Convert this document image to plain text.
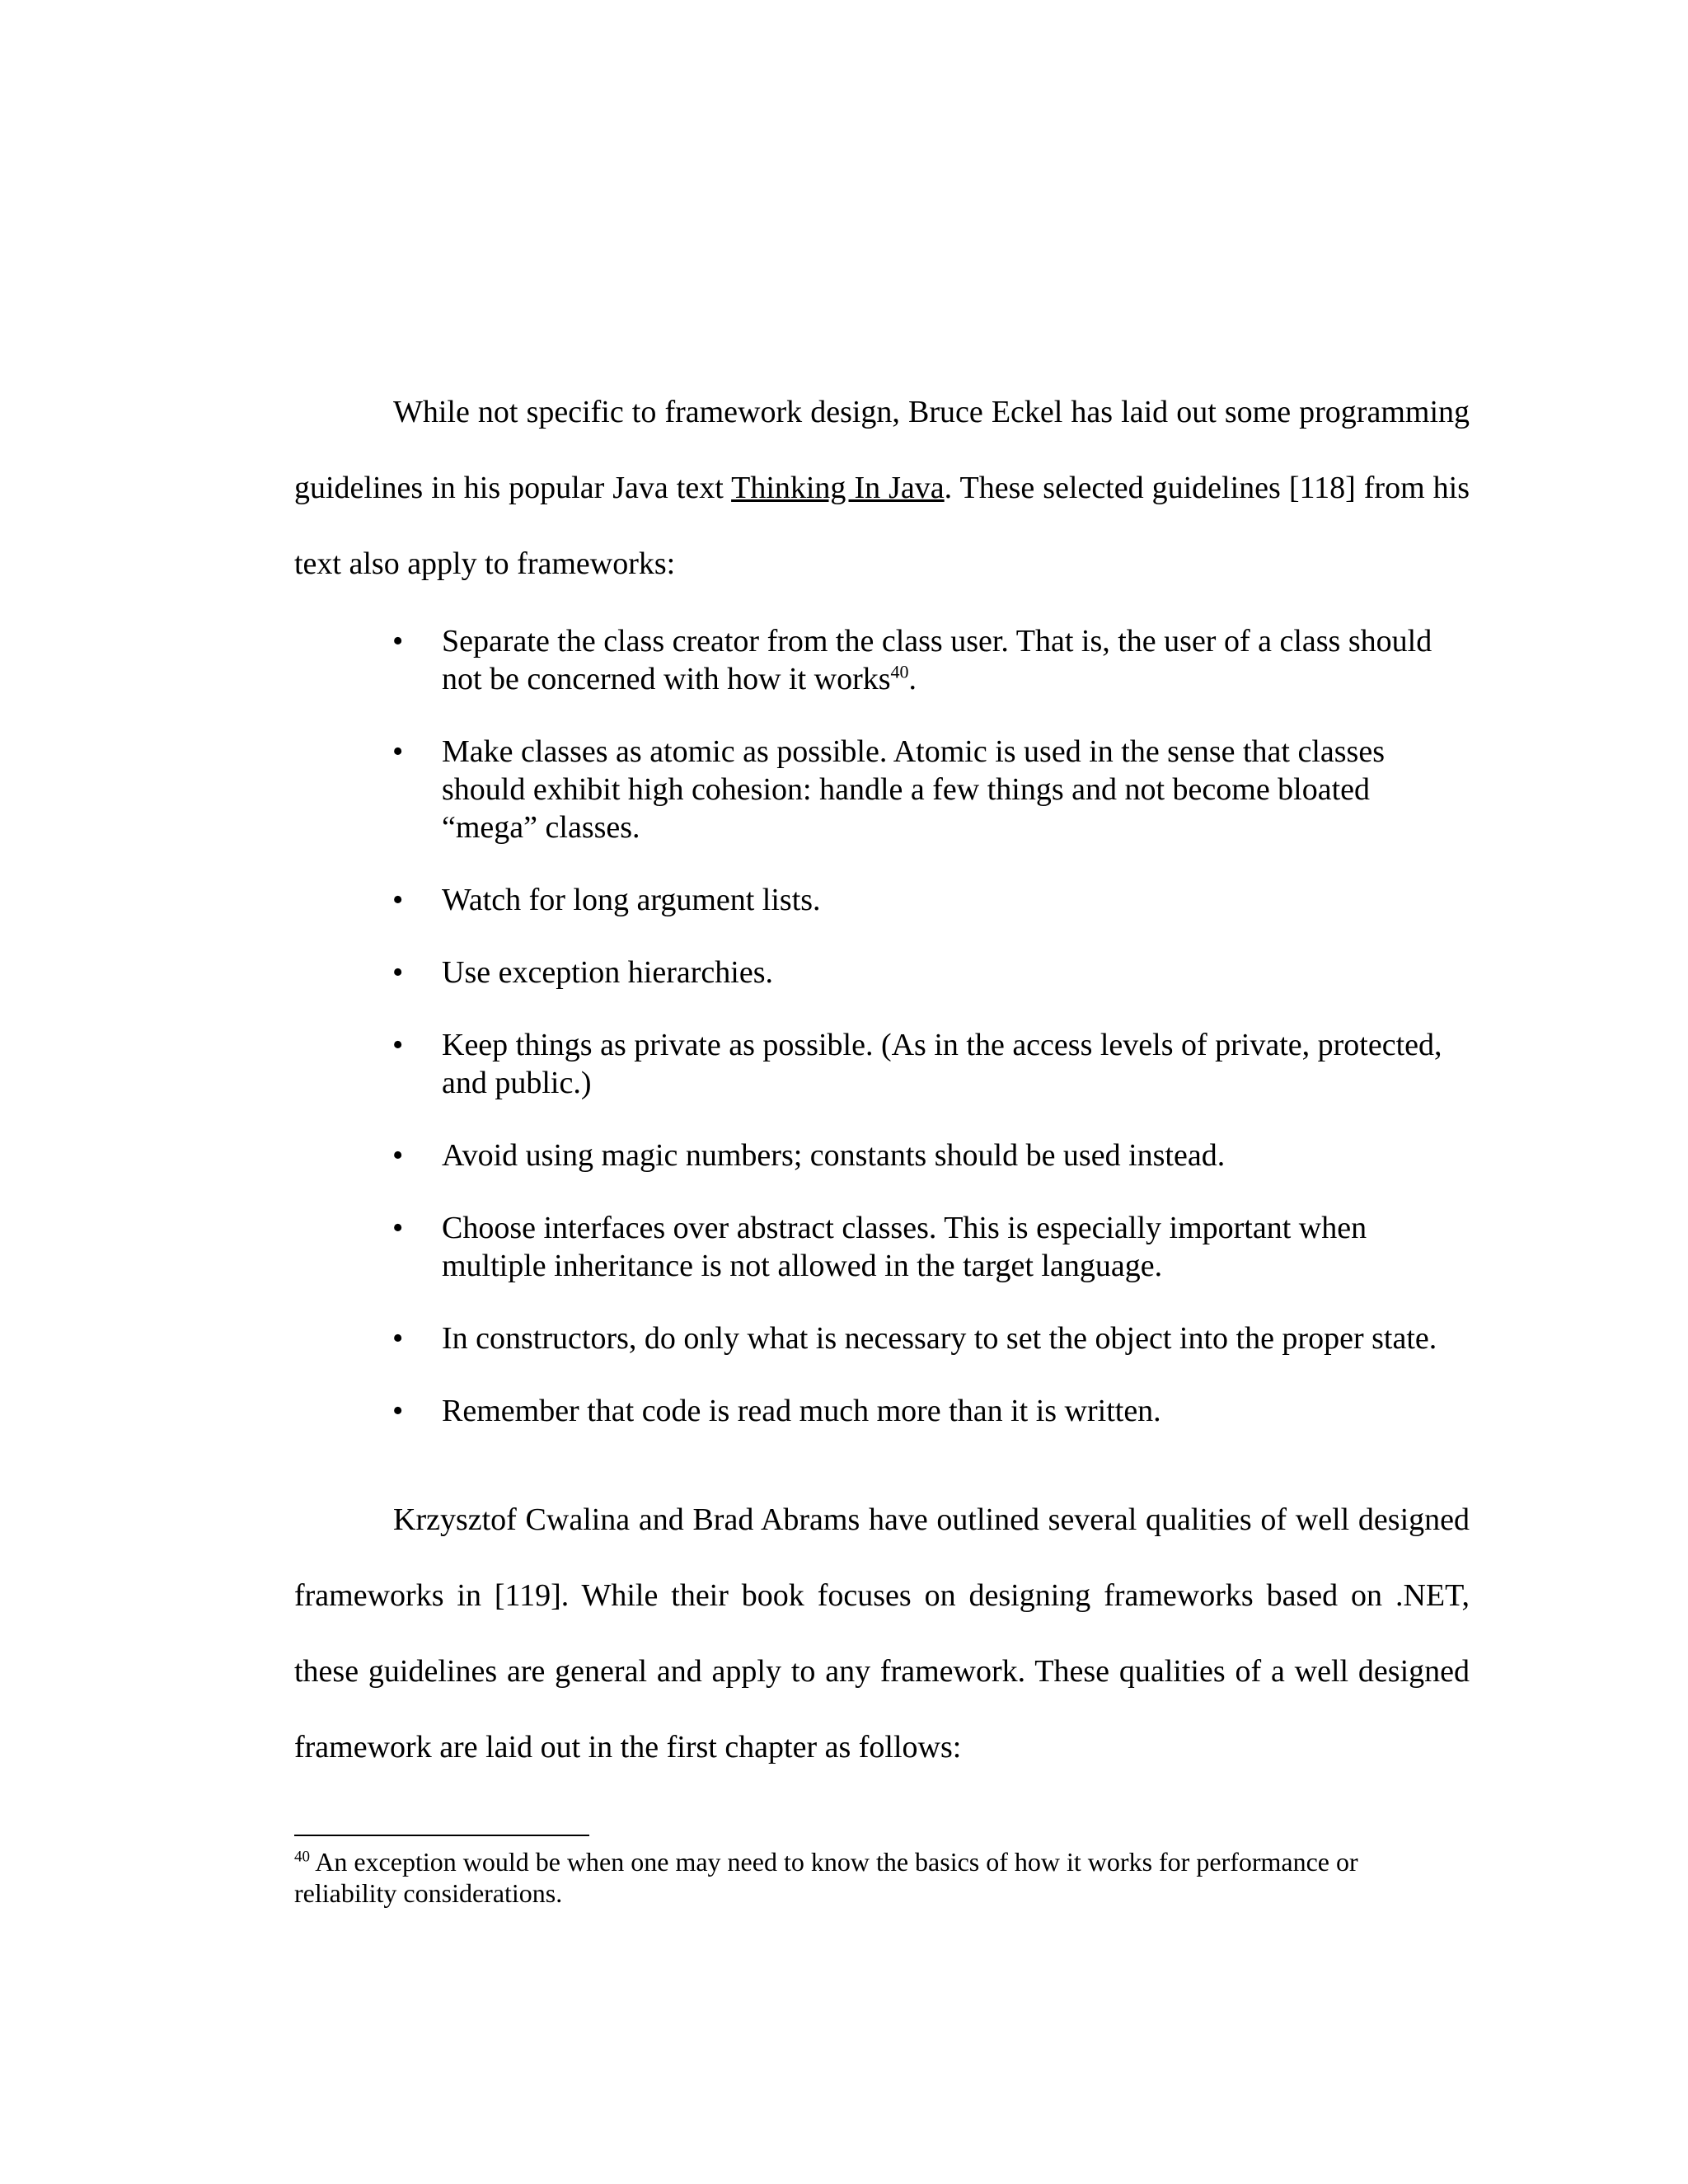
While not specific to framework design, Bruce Eckel has laid out some programming guidelines in his popular Java text Thinking In Java. These selected guidelines [118] from his text also apply to frameworks:

• Separate the class creator from the class user. That is, the user of a class should not be concerned with how it works$^{40}$.
• Make classes as atomic as possible. Atomic is used in the sense that classes should exhibit high cohesion: handle a few things and not become bloated “mega” classes.
• Watch for long argument lists.
• Use exception hierarchies.
• Keep things as private as possible. (As in the access levels of private, protected, and public.)
• Avoid using magic numbers; constants should be used instead.
• Choose interfaces over abstract classes. This is especially important when multiple inheritance is not allowed in the target language.
• In constructors, do only what is necessary to set the object into the proper state.
• Remember that code is read much more than it is written.

Krzysztof Cwalina and Brad Abrams have outlined several qualities of well designed frameworks in [119]. While their book focuses on designing frameworks based on .NET, these guidelines are general and apply to any framework. These qualities of a well designed framework are laid out in the first chapter as follows:

$^{40}$ An exception would be when one may need to know the basics of how it works for performance or reliability considerations.
